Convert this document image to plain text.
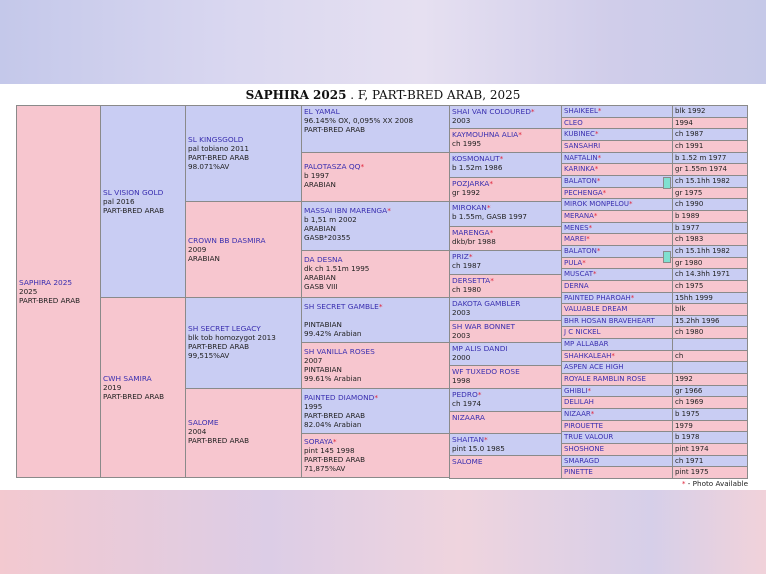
SAPHIRA 2025 . F, PART-BRED ARAB, 2025
SAPHIRA 2025
2025
PART-BRED ARAB
SL VISION GOLD
pal 2016
PART-BRED ARAB
CWH SAMIRA
2019
PART-BRED ARAB
SL KINGSGOLD
pal tobiano 2011
PART-BRED ARAB
98.071%AV
CROWN BB DASMIRA
2009
ARABIAN
SH SECRET LEGACY
blk tob homozygot 2013
PART-BRED ARAB
99,515%AV
SALOME
2004
PART-BRED ARAB
EL YAMAL
96.145% OX, 0,095% XX 2008
PART-BRED ARAB
PALOTASZA QQ*
b 1997
ARABIAN
MASSAI IBN MARENGA*
b 1,51 m 2002
ARABIAN
GASB*20355
DA DESNA
dk ch 1.51m 1995
ARABIAN
GASB VIII
SH SECRET GAMBLE*
PINTABIAN
99.42% Arabian
SH VANILLA ROSES
2007
PINTABIAN
99.61% Arabian
PAINTED DIAMOND*
1995
PART-BRED ARAB
82.04% Arabian
SORAYA*
pint 145 1998
PART-BRED ARAB
71,875%AV
* - Photo Available
SHAI VAN COLOURED*
2003
KAYMOUHNA ALIA*
ch 1995
KOSMONAUT*
b 1.52m 1986
POZJARKA*
gr 1992
MIROKAN*
b 1.55m, GASB 1997
MARENGA*
dkb/br 1988
PRIZ*
ch 1987
DERSETTA*
ch 1980
DAKOTA GAMBLER
2003
SH WAR BONNET
2003
MP ALIS DANDI
2000
WF TUXEDO ROSE
1998
PEDRO*
ch 1974
NIZAARA
SHAITAN*
pint 15.0 1985
SALOME
SHAIKEEL*	blk 1992
CLEO	1994
KUBINEC*	ch 1987
SANSAHRI	ch 1991
NAFTALIN*	b 1.52 m 1977
KARINKA*	gr 1.55m 1974
BALATON*	ch 15.1hh 1982
PECHENGA*	gr 1975
MIROK MONPELOU*	ch 1990
MERANA*	b 1989
MENES*	b 1977
MAREI*	ch 1983
BALATON*	ch 15.1hh 1982
PULA*	gr 1980
MUSCAT*	ch 14.3hh 1971
DERNA	ch 1975
PAINTED PHAROAH*	15hh 1999
VALUABLE DREAM	blk
BHR HOSAN BRAVEHEART	15.2hh 1996
J C NICKEL	ch 1980
MP ALLABAR
SHAHKALEAH*	ch
ASPEN ACE HIGH
ROYALE RAMBLIN ROSE	1992
GHIBLI*	gr 1966
DELILAH	ch 1969
NIZAAR*	b 1975
PIROUETTE	1979
TRUE VALOUR	b 1978
SHOSHONE	pint 1974
SMARAGD	ch 1971
PINETTE	pint 1975
